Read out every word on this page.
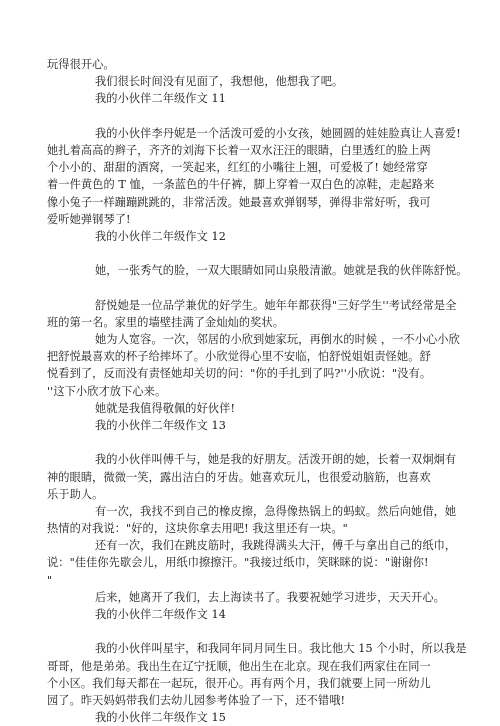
玩得很开心。
我们很长时间没有见面了，我想他，他想我了吧。
我的小伙伴二年级作文 11
我的小伙伴李丹妮是一个活泼可爱的小女孩，她圆圆的娃娃脸真让人喜爱!
她扎着高高的辫子，齐齐的刘海下长着一双水汪汪的眼睛，白里透红的脸上两
个小小的、甜甜的酒窝，一笑起来，红红的小嘴往上翘，可爱极了! 她经常穿
着一件黄色的 T 恤，一条蓝色的牛仔裤，脚上穿着一双白色的凉鞋，走起路来
像小兔子一样蹦蹦跳跳的，非常活泼。她最喜欢弹钢琴，弹得非常好听，我可
爱听她弹钢琴了!
我的小伙伴二年级作文 12
她，一张秀气的脸，一双大眼睛如同山泉般清澈。她就是我的伙伴陈舒悦。
舒悦她是一位品学兼优的好学生。她年年都获得"三好学生''考试经常是全
班的第一名。家里的墙壁挂满了金灿灿的奖状。
她为人宽容。一次，邻居的小欣到她家玩，再倒水的时候 ，一不小心小欣
把舒悦最喜欢的杯子给摔坏了。小欣觉得心里不安临，怕舒悦姐姐责怪她。舒
悦看到了，反而没有责怪她却关切的问："你的手扎到了吗?''小欣说："没有。
''这下小欣才放下心来。
她就是我值得敬佩的好伙伴!
我的小伙伴二年级作文 13
我的小伙伴叫傅千与，她是我的好朋友。活泼开朗的她，长着一双炯炯有
神的眼睛，微微一笑，露出洁白的牙齿。她喜欢玩儿，也很爱动脑筋，也喜欢
乐于助人。
有一次，我找不到自己的橡皮擦，急得像热锅上的蚂蚁。然后向她借，她
热情的对我说："好的，这块你拿去用吧! 我这里还有一块。"
还有一次，我们在跳皮筋时，我跳得满头大汗，傅千与拿出自己的纸巾，
说："佳佳你先歇会儿，用纸巾擦擦汗。"我接过纸巾，笑眯眯的说："谢谢你!
"
后来，她离开了我们，去上海读书了。我要祝她学习进步，天天开心。
我的小伙伴二年级作文 14
我的小伙伴叫星宇，和我同年同月同生日。我比他大 15 个小时，所以我是
哥哥，他是弟弟。我出生在辽宁抚顺，他出生在北京。现在我们两家住在同一
个小区。我们每天都在一起玩，很开心。再有两个月，我们就要上同一所幼儿
园了。昨天妈妈带我们去幼儿园参考体验了一下，还不错哦!
我的小伙伴二年级作文 15
